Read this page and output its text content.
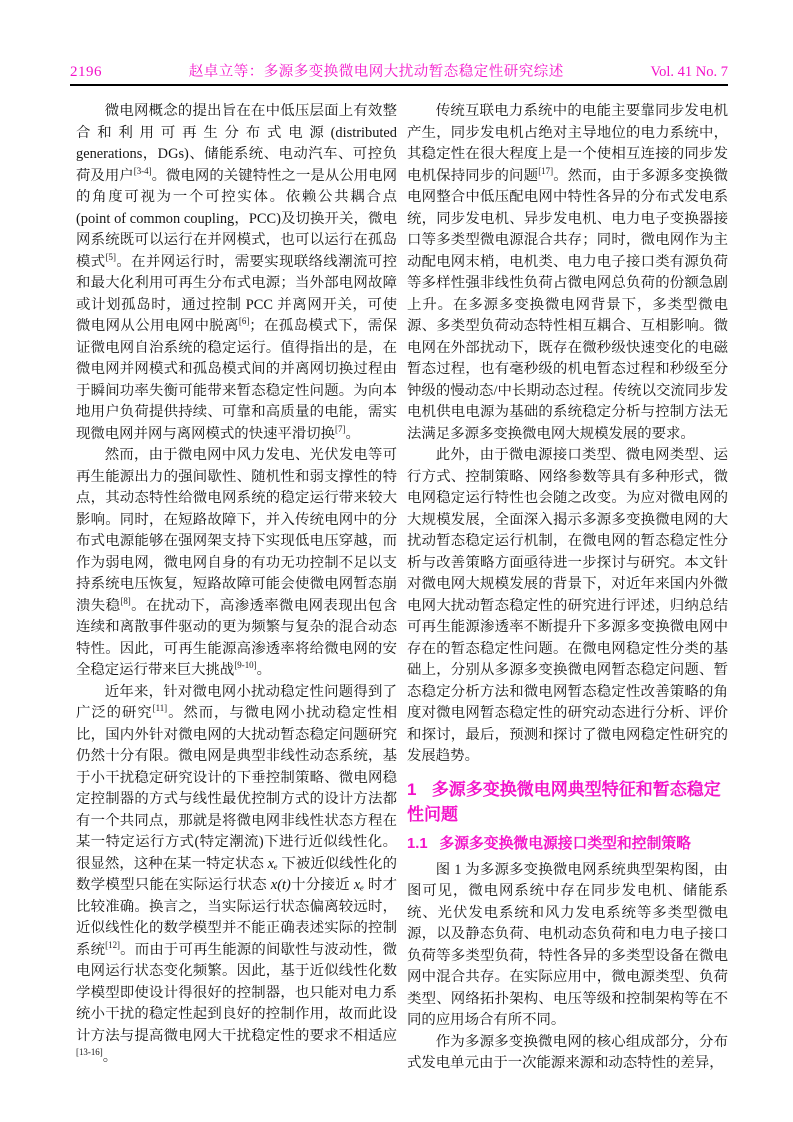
2196	赵卓立等：多源多变换微电网大扰动暂态稳定性研究综述	Vol. 41 No. 7

微电网概念的提出旨在在中低压层面上有效整合和利用可再生分布式电源(distributed generations，DGs)、储能系统、电动汽车、可控负荷及用户[3-4]。微电网的关键特性之一是从公用电网的角度可视为一个可控实体。依赖公共耦合点(point of common coupling，PCC)及切换开关，微电网系统既可以运行在并网模式，也可以运行在孤岛模式[5]。在并网运行时，需要实现联络线潮流可控和最大化利用可再生分布式电源；当外部电网故障或计划孤岛时，通过控制 PCC 并离网开关，可使微电网从公用电网中脱离[6]；在孤岛模式下，需保证微电网自治系统的稳定运行。值得指出的是，在微电网并网模式和孤岛模式间的并离网切换过程由于瞬间功率失衡可能带来暂态稳定性问题。为向本地用户负荷提供持续、可靠和高质量的电能，需实现微电网并网与离网模式的快速平滑切换[7]。

然而，由于微电网中风力发电、光伏发电等可再生能源出力的强间歇性、随机性和弱支撑性的特点，其动态特性给微电网系统的稳定运行带来较大影响。同时，在短路故障下，并入传统电网中的分布式电源能够在强网架支持下实现低电压穿越，而作为弱电网，微电网自身的有功无功控制不足以支持系统电压恢复，短路故障可能会使微电网暂态崩溃失稳[8]。在扰动下，高渗透率微电网表现出包含连续和离散事件驱动的更为频繁与复杂的混合动态特性。因此，可再生能源高渗透率将给微电网的安全稳定运行带来巨大挑战[9-10]。

近年来，针对微电网小扰动稳定性问题得到了广泛的研究[11]。然而，与微电网小扰动稳定性相比，国内外针对微电网的大扰动暂态稳定问题研究仍然十分有限。微电网是典型非线性动态系统，基于小干扰稳定研究设计的下垂控制策略、微电网稳定控制器的方式与线性最优控制方式的设计方法都有一个共同点，那就是将微电网非线性状态方程在某一特定运行方式(特定潮流)下进行近似线性化。很显然，这种在某一特定状态 xₑ 下被近似线性化的数学模型只能在实际运行状态 x(t)十分接近 xₑ 时才比较准确。换言之，当实际运行状态偏离较远时，近似线性化的数学模型并不能正确表述实际的控制系统[12]。而由于可再生能源的间歇性与波动性，微电网运行状态变化频繁。因此，基于近似线性化数学模型即使设计得很好的控制器，也只能对电力系统小干扰的稳定性起到良好的控制作用，故而此设计方法与提高微电网大干扰稳定性的要求不相适应[13-16]。

传统互联电力系统中的电能主要靠同步发电机产生，同步发电机占绝对主导地位的电力系统中，其稳定性在很大程度上是一个使相互连接的同步发电机保持同步的问题[17]。然而，由于多源多变换微电网整合中低压配电网中特性各异的分布式发电系统，同步发电机、异步发电机、电力电子变换器接口等多类型微电源混合共存；同时，微电网作为主动配电网末梢，电机类、电力电子接口类有源负荷等多样性强非线性负荷占微电网总负荷的份额急剧上升。在多源多变换微电网背景下，多类型微电源、多类型负荷动态特性相互耦合、互相影响。微电网在外部扰动下，既存在微秒级快速变化的电磁暂态过程，也有毫秒级的机电暂态过程和秒级至分钟级的慢动态/中长期动态过程。传统以交流同步发电机供电电源为基础的系统稳定分析与控制方法无法满足多源多变换微电网大规模发展的要求。

此外，由于微电源接口类型、微电网类型、运行方式、控制策略、网络参数等具有多种形式，微电网稳定运行特性也会随之改变。为应对微电网的大规模发展，全面深入揭示多源多变换微电网的大扰动暂态稳定运行机制，在微电网的暂态稳定性分析与改善策略方面亟待进一步探讨与研究。本文针对微电网大规模发展的背景下，对近年来国内外微电网大扰动暂态稳定性的研究进行评述，归纳总结可再生能源渗透率不断提升下多源多变换微电网中存在的暂态稳定性问题。在微电网稳定性分类的基础上，分别从多源多变换微电网暂态稳定问题、暂态稳定分析方法和微电网暂态稳定性改善策略的角度对微电网暂态稳定性的研究动态进行分析、评价和探讨，最后，预测和探讨了微电网稳定性研究的发展趋势。

1 多源多变换微电网典型特征和暂态稳定性问题
1.1 多源多变换微电源接口类型和控制策略

图 1 为多源多变换微电网系统典型架构图，由图可见，微电网系统中存在同步发电机、储能系统、光伏发电系统和风力发电系统等多类型微电源，以及静态负荷、电机动态负荷和电力电子接口负荷等多类型负荷，特性各异的多类型设备在微电网中混合共存。在实际应用中，微电源类型、负荷类型、网络拓扑架构、电压等级和控制架构等在不同的应用场合有所不同。

作为多源多变换微电网的核心组成部分，分布式发电单元由于一次能源来源和动态特性的差异，
